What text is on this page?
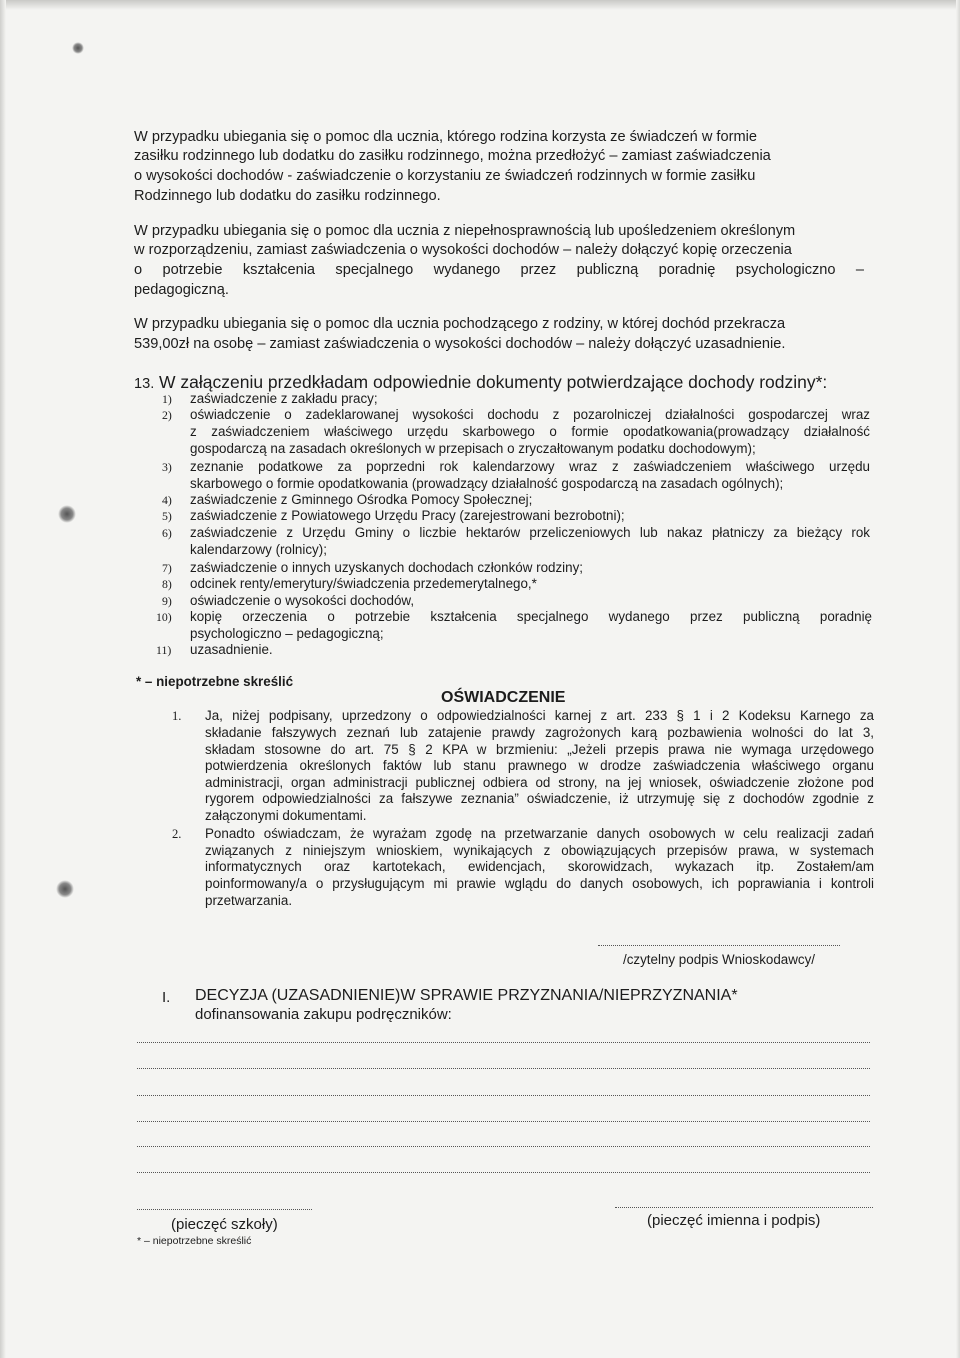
W przypadku ubiegania się o pomoc dla ucznia, którego rodzina korzysta ze świadczeń w formie
zasiłku rodzinnego lub dodatku do zasiłku rodzinnego, można przedłożyć – zamiast zaświadczenia
o wysokości dochodów - zaświadczenie o korzystaniu ze świadczeń rodzinnych w formie zasiłku
Rodzinnego lub dodatku do zasiłku rodzinnego.
W przypadku ubiegania się o pomoc dla ucznia z niepełnosprawnością lub upośledzeniem określonym
w rozporządzeniu, zamiast zaświadczenia o wysokości dochodów – należy dołączyć kopię orzeczenia
o potrzebie kształcenia specjalnego wydanego przez publiczną poradnię psychologiczno –
pedagogiczną.
W przypadku ubiegania się o pomoc dla ucznia pochodzącego z rodziny, w której dochód przekracza
539,00zł na osobę – zamiast zaświadczenia o wysokości dochodów – należy dołączyć uzasadnienie.
13. W załączeniu przedkładam odpowiednie dokumenty potwierdzające dochody rodziny*:
1) zaświadczenie z zakładu pracy;
2) oświadczenie o zadeklarowanej wysokości dochodu z pozarolniczej działalności gospodarczej wraz
z zaświadczeniem właściwego urzędu skarbowego o formie opodatkowania(prowadzący działalność
gospodarczą na zasadach określonych w przepisach o zryczałtowanym podatku dochodowym);
3) zeznanie podatkowe za poprzedni rok kalendarzowy wraz z zaświadczeniem właściwego urzędu
skarbowego o formie opodatkowania (prowadzący działalność gospodarczą na zasadach ogólnych);
4) zaświadczenie z Gminnego Ośrodka Pomocy Społecznej;
5) zaświadczenie z Powiatowego Urzędu Pracy (zarejestrowani bezrobotni);
6) zaświadczenie z Urzędu Gminy o liczbie hektarów przeliczeniowych lub nakaz płatniczy za bieżący rok
kalendarzowy (rolnicy);
7) zaświadczenie o innych uzyskanych dochodach członków rodziny;
8) odcinek renty/emerytury/świadczenia przedemerytalnego,*
9) oświadczenie o wysokości dochodów,
10) kopię orzeczenia o potrzebie kształcenia specjalnego wydanego przez publiczną poradnię
psychologiczno – pedagogiczną;
11) uzasadnienie.
* – niepotrzebne skreślić
OŚWIADCZENIE
1. Ja, niżej podpisany, uprzedzony o odpowiedzialności karnej z art. 233 § 1 i 2 Kodeksu Karnego za
składanie fałszywych zeznań lub zatajenie prawdy zagrożonych karą pozbawienia wolności do lat 3,
składam stosowne do art. 75 § 2 KPA w brzmieniu: „Jeżeli przepis prawa nie wymaga urzędowego
potwierdzenia określonych faktów lub stanu prawnego w drodze zaświadczenia właściwego organu
administracji, organ administracji publicznej odbiera od strony, na jej wniosek, oświadczenie złożone pod
rygorem odpowiedzialności za fałszywe zeznania” oświadczenie, iż utrzymuję się z dochodów zgodnie z
załączonymi dokumentami.
2. Ponadto oświadczam, że wyrażam zgodę na przetwarzanie danych osobowych w celu realizacji zadań
związanych z niniejszym wnioskiem, wynikających z obowiązujących przepisów prawa, w systemach
informatycznych oraz kartotekach, ewidencjach, skorowidzach, wykazach itp. Zostałem/am
poinformowany/a o przysługującym mi prawie wglądu do danych osobowych, ich poprawiania i kontroli
przetwarzania.
/czytelny podpis Wnioskodawcy/
I. DECYZJA (UZASADNIENIE)W SPRAWIE PRZYZNANIA/NIEPRZYZNANIA*
dofinansowania zakupu podręczników:
(pieczęć szkoły)
* – niepotrzebne skreślić
(pieczęć imienna i podpis)
